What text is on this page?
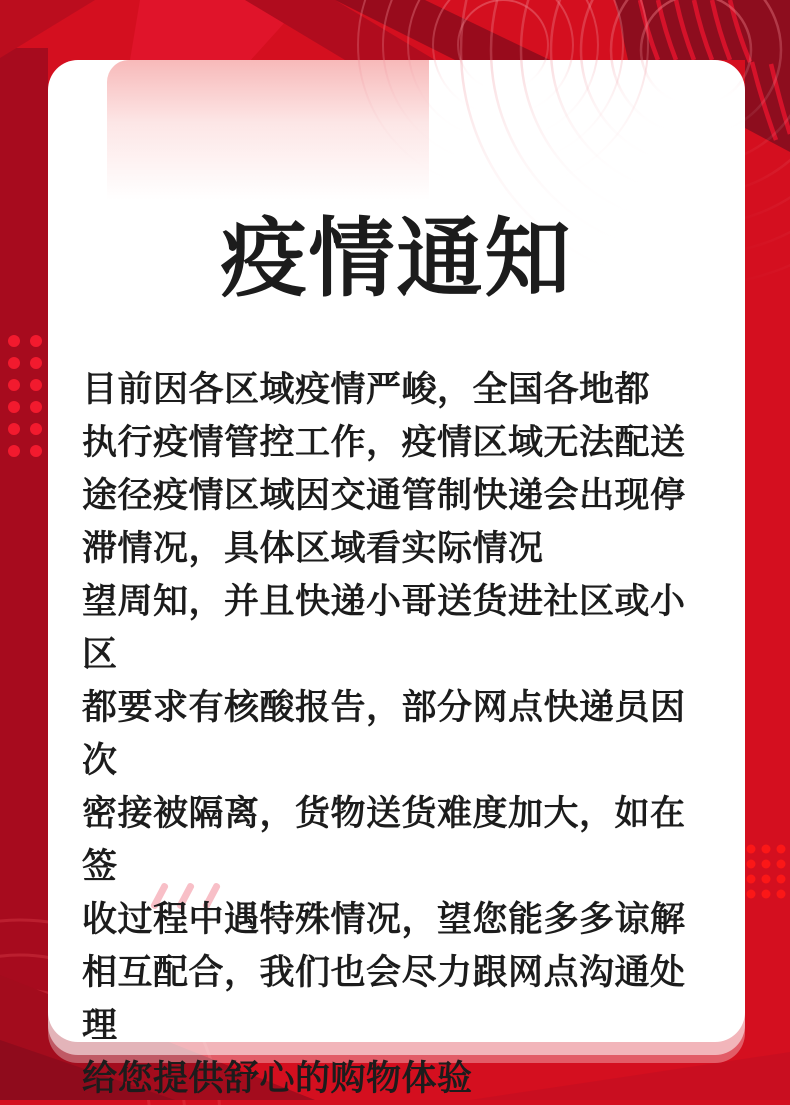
疫情通知
目前因各区域疫情严峻，全国各地都
执行疫情管控工作，疫情区域无法配送
途径疫情区域因交通管制快递会出现停
滞情况，具体区域看实际情况
望周知，并且快递小哥送货进社区或小区
都要求有核酸报告，部分网点快递员因次
密接被隔离，货物送货难度加大，如在签
收过程中遇特殊情况，望您能多多谅解
相互配合，我们也会尽力跟网点沟通处理
给您提供舒心的购物体验
